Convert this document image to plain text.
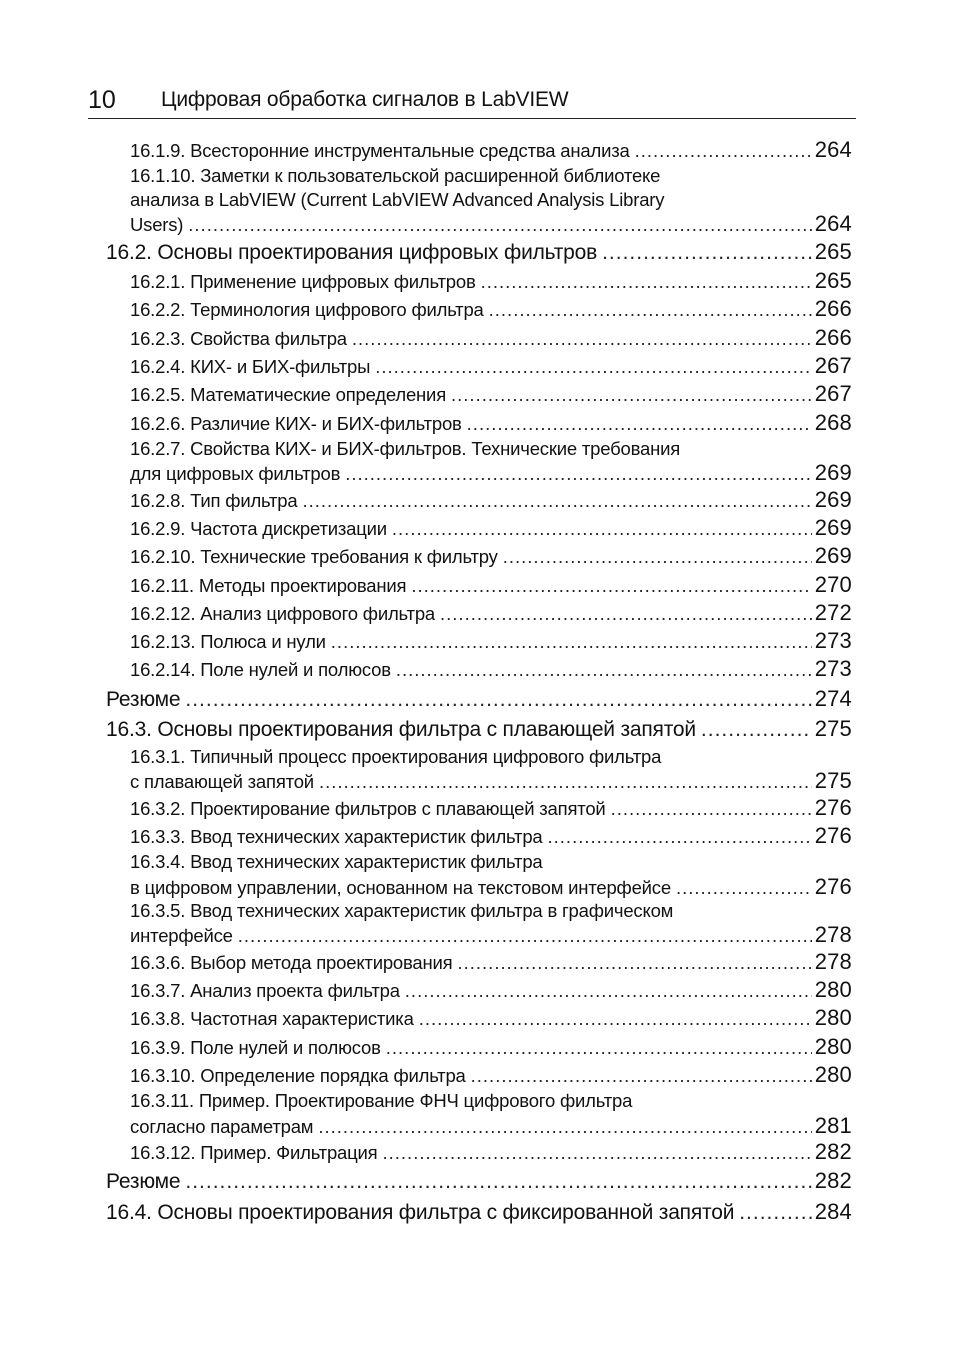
10 Цифровая обработка сигналов в LabVIEW
16.1.9. Всесторонние инструментальные средства анализа .....	264
16.1.10. Заметки к пользовательской расширенной библиотеке
анализа в LabVIEW (Current LabVIEW Advanced Analysis Library
Users) .....	264
16.2. Основы проектирования цифровых фильтров .....	265
16.2.1. Применение цифровых фильтров .....	265
16.2.2. Терминология цифрового фильтра .....	266
16.2.3. Свойства фильтра .....	266
16.2.4. КИХ- и БИХ-фильтры .....	267
16.2.5. Математические определения .....	267
16.2.6. Различие КИХ- и БИХ-фильтров .....	268
16.2.7. Свойства КИХ- и БИХ-фильтров. Технические требования
для цифровых фильтров .....	269
16.2.8. Тип фильтра .....	269
16.2.9. Частота дискретизации .....	269
16.2.10. Технические требования к фильтру .....	269
16.2.11. Методы проектирования .....	270
16.2.12. Анализ цифрового фильтра .....	272
16.2.13. Полюса и нули .....	273
16.2.14. Поле нулей и полюсов .....	273
Резюме .....	274
16.3. Основы проектирования фильтра с плавающей запятой .....	275
16.3.1. Типичный процесс проектирования цифрового фильтра
с плавающей запятой .....	275
16.3.2. Проектирование фильтров с плавающей запятой .....	276
16.3.3. Ввод технических характеристик фильтра .....	276
16.3.4. Ввод технических характеристик фильтра
в цифровом управлении, основанном на текстовом интерфейсе .....	276
16.3.5. Ввод технических характеристик фильтра в графическом
интерфейсе .....	278
16.3.6. Выбор метода проектирования .....	278
16.3.7. Анализ проекта фильтра .....	280
16.3.8. Частотная характеристика .....	280
16.3.9. Поле нулей и полюсов .....	280
16.3.10. Определение порядка фильтра .....	280
16.3.11. Пример. Проектирование ФНЧ цифрового фильтра
согласно параметрам .....	281
16.3.12. Пример. Фильтрация .....	282
Резюме .....	282
16.4. Основы проектирования фильтра с фиксированной запятой .....	284
